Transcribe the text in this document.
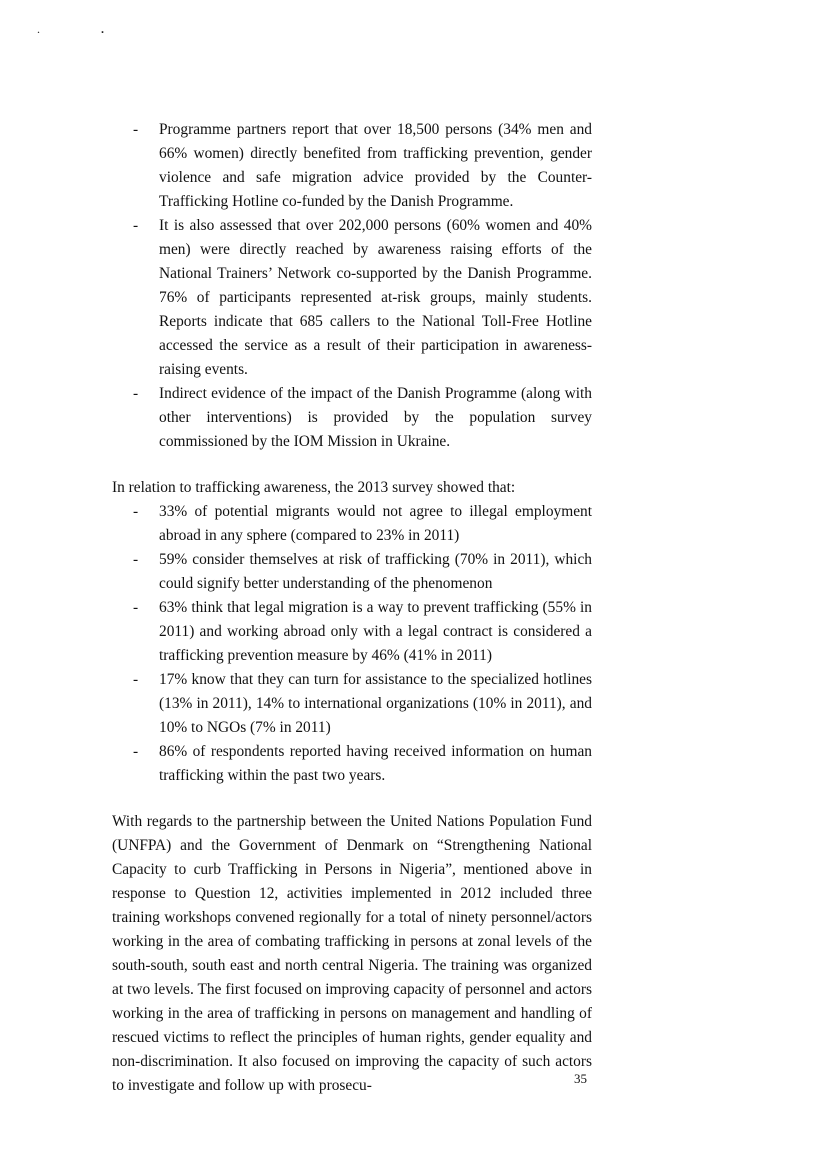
.	.
- Programme partners report that over 18,500 persons (34% men and 66% women) directly benefited from trafficking prevention, gender violence and safe migration advice provided by the Counter-Trafficking Hotline co-funded by the Danish Programme.
- It is also assessed that over 202,000 persons (60% women and 40% men) were directly reached by awareness raising efforts of the National Trainers’ Network co-supported by the Danish Programme. 76% of participants represented at-risk groups, mainly students. Reports indicate that 685 callers to the National Toll-Free Hotline accessed the service as a result of their participation in awareness-raising events.
- Indirect evidence of the impact of the Danish Programme (along with other interventions) is provided by the population survey commissioned by the IOM Mission in Ukraine.

In relation to trafficking awareness, the 2013 survey showed that:

- 33% of potential migrants would not agree to illegal employment abroad in any sphere (compared to 23% in 2011)
- 59% consider themselves at risk of trafficking (70% in 2011), which could signify better understanding of the phenomenon
- 63% think that legal migration is a way to prevent trafficking (55% in 2011) and working abroad only with a legal contract is considered a trafficking prevention measure by 46% (41% in 2011)
- 17% know that they can turn for assistance to the specialized hotlines (13% in 2011), 14% to international organizations (10% in 2011), and 10% to NGOs (7% in 2011)
- 86% of respondents reported having received information on human trafficking within the past two years.

With regards to the partnership between the United Nations Population Fund (UNFPA) and the Government of Denmark on “Strengthening National Capacity to curb Trafficking in Persons in Nigeria”, mentioned above in response to Question 12, activities implemented in 2012 included three training workshops convened regionally for a total of ninety personnel/actors working in the area of combating trafficking in persons at zonal levels of the south-south, south east and north central Nigeria. The training was organized at two levels. The first focused on improving capacity of personnel and actors working in the area of trafficking in persons on management and handling of rescued victims to reflect the principles of human rights, gender equality and non-discrimination. It also focused on improving the capacity of such actors to investigate and follow up with prosecu-	35
